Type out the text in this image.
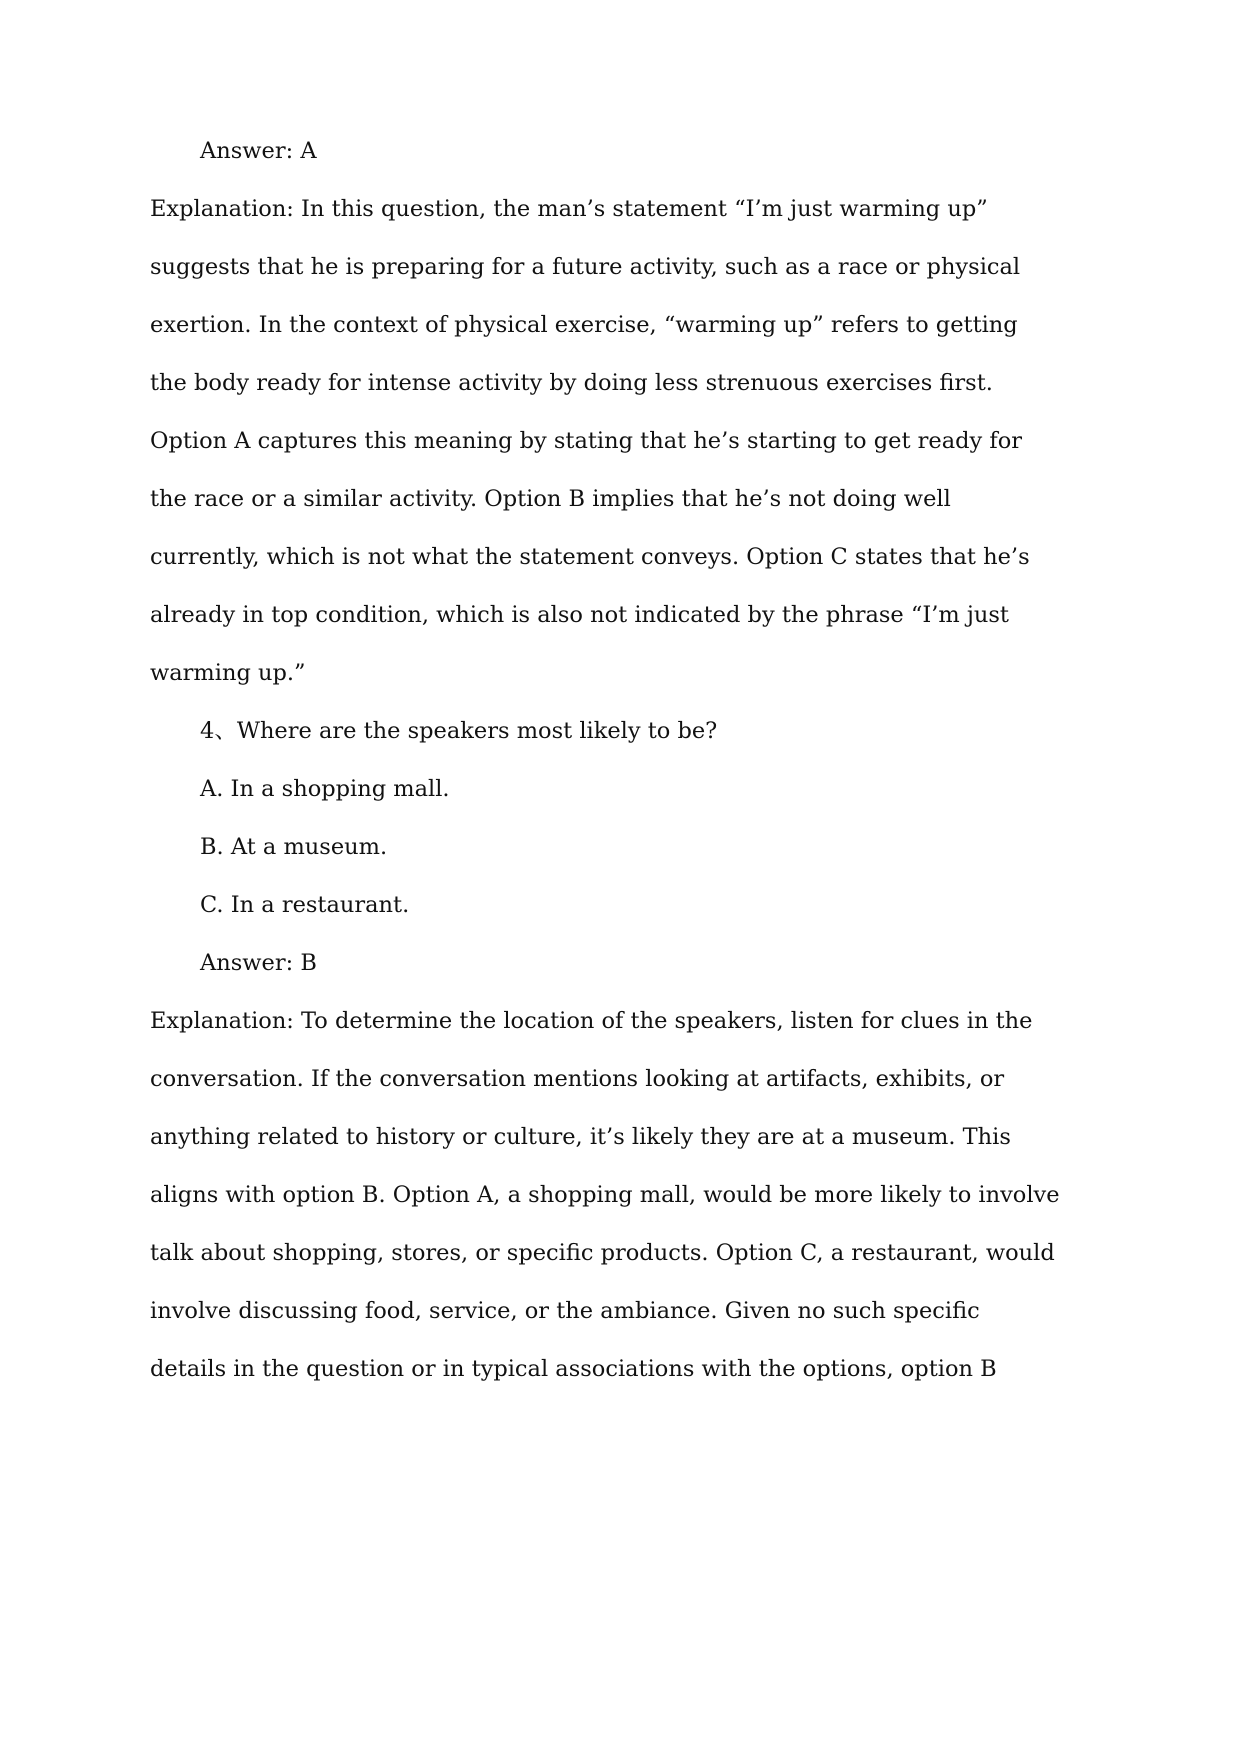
Answer: A

Explanation: In this question, the man’s statement “I’m just warming up”

suggests that he is preparing for a future activity, such as a race or physical

exertion. In the context of physical exercise, “warming up” refers to getting

the body ready for intense activity by doing less strenuous exercises first.

Option A captures this meaning by stating that he’s starting to get ready for

the race or a similar activity. Option B implies that he’s not doing well

currently, which is not what the statement conveys. Option C states that he’s

already in top condition, which is also not indicated by the phrase “I’m just

warming up.”

4、Where are the speakers most likely to be?

A. In a shopping mall.

B. At a museum.

C. In a restaurant.

Answer: B

Explanation: To determine the location of the speakers, listen for clues in the

conversation. If the conversation mentions looking at artifacts, exhibits, or

anything related to history or culture, it’s likely they are at a museum. This

aligns with option B. Option A, a shopping mall, would be more likely to involve

talk about shopping, stores, or specific products. Option C, a restaurant, would

involve discussing food, service, or the ambiance. Given no such specific

details in the question or in typical associations with the options, option B
